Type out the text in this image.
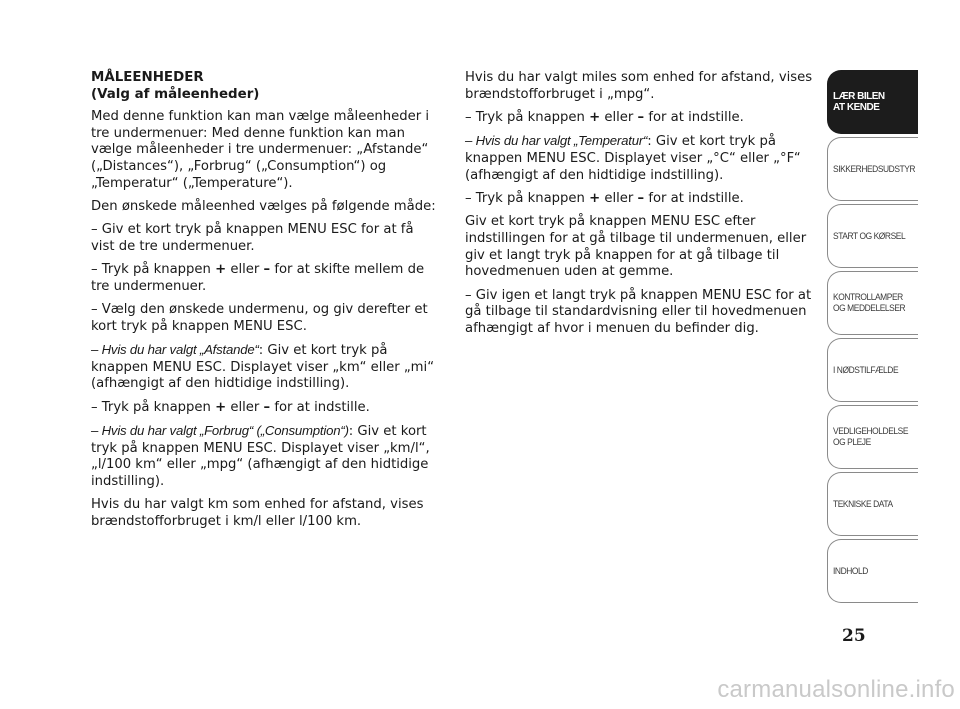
MÅLEENHEDER
(Valg af måleenheder)

Med denne funktion kan man vælge måleenheder i tre undermenuer: Med denne funktion kan man vælge måleenheder i tre undermenuer: „Afstande“ („Distances“), „Forbrug“ („Consumption“) og „Temperatur“ („Temperature“).

Den ønskede måleenhed vælges på følgende måde:

– Giv et kort tryk på knappen MENU ESC for at få vist de tre undermenuer.

– Tryk på knappen + eller – for at skifte mellem de tre undermenuer.

– Vælg den ønskede undermenu, og giv derefter et kort tryk på knappen MENU ESC.

– Hvis du har valgt „Afstande“: Giv et kort tryk på knappen MENU ESC. Displayet viser „km“ eller „mi“ (afhængigt af den hidtidige indstilling).

– Tryk på knappen + eller – for at indstille.

– Hvis du har valgt „Forbrug“ („Consumption“): Giv et kort tryk på knappen MENU ESC. Displayet viser „km/l“, „l/100 km“ eller „mpg“ (afhængigt af den hidtidige indstilling).

Hvis du har valgt km som enhed for afstand, vises brændstofforbruget i km/l eller l/100 km.

Hvis du har valgt miles som enhed for afstand, vises brændstofforbruget i „mpg“.

– Tryk på knappen + eller – for at indstille.

– Hvis du har valgt „Temperatur“: Giv et kort tryk på knappen MENU ESC. Displayet viser „°C“ eller „°F“ (afhængigt af den hidtidige indstilling).

– Tryk på knappen + eller – for at indstille.

Giv et kort tryk på knappen MENU ESC efter indstillingen for at gå tilbage til undermenuen, eller giv et langt tryk på knappen for at gå tilbage til hovedmenuen uden at gemme.

– Giv igen et langt tryk på knappen MENU ESC for at gå tilbage til standardvisning eller til hovedmenuen afhængigt af hvor i menuen du befinder dig.

LÆR BILEN
AT KENDE
SIKKERHEDSUDSTYR
START OG KØRSEL
KONTROLLAMPER
OG MEDDELELSER
I NØDSTILFÆLDE
VEDLIGEHOLDELSE
OG PLEJE
TEKNISKE DATA
INDHOLD
25
carmanualsonline.info
